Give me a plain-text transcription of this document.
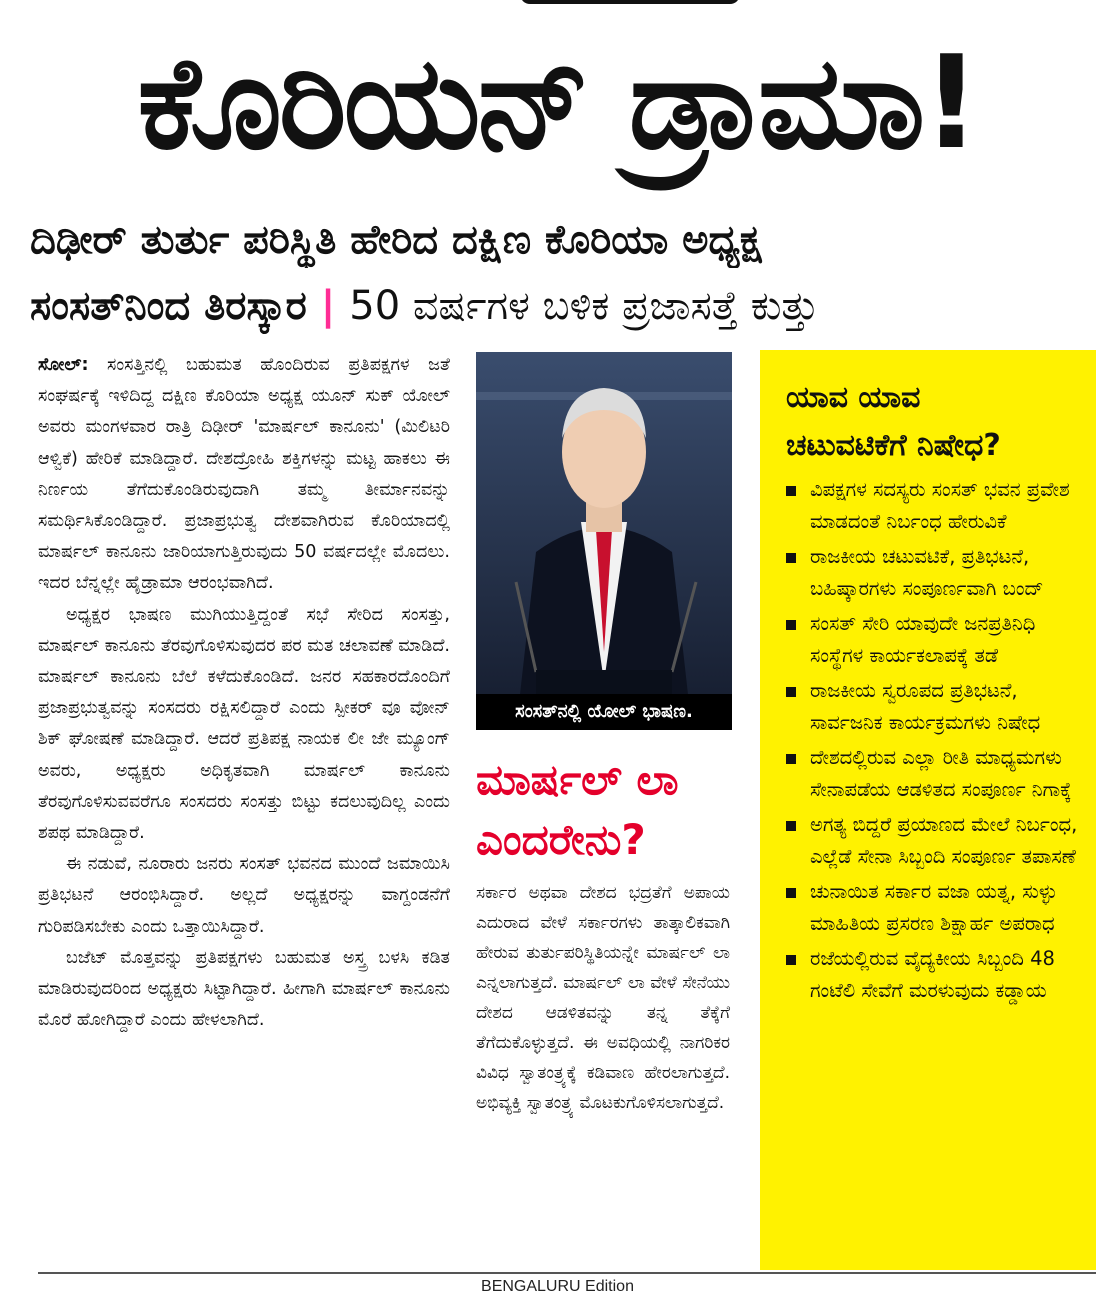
ಕೊರಿಯನ್ ಡ್ರಾಮಾ!
ದಿಢೀರ್ ತುರ್ತು ಪರಿಸ್ಥಿತಿ ಹೇರಿದ ದಕ್ಷಿಣ ಕೊರಿಯಾ ಅಧ್ಯಕ್ಷ
ಸಂಸತ್‌ನಿಂದ ತಿರಸ್ಕಾರ | 50 ವರ್ಷಗಳ ಬಳಿಕ ಪ್ರಜಾಸತ್ತೆ ಕುತ್ತು

ಸೋಲ್: ಸಂಸತ್ತಿನಲ್ಲಿ ಬಹುಮತ ಹೊಂದಿರುವ ಪ್ರತಿಪಕ್ಷಗಳ ಜತೆ ಸಂಘರ್ಷಕ್ಕೆ ಇಳಿದಿದ್ದ ದಕ್ಷಿಣ ಕೊರಿಯಾ ಅಧ್ಯಕ್ಷ ಯೂನ್ ಸುಕ್ ಯೋಲ್ ಅವರು ಮಂಗಳವಾರ ರಾತ್ರಿ ದಿಢೀರ್ 'ಮಾರ್ಷಲ್ ಕಾನೂನು' (ಮಿಲಿಟರಿ ಆಳ್ವಿಕೆ) ಹೇರಿಕೆ ಮಾಡಿದ್ದಾರೆ. ದೇಶದ್ರೋಹಿ ಶಕ್ತಿಗಳನ್ನು ಮಟ್ಟ ಹಾಕಲು ಈ ನಿರ್ಣಯ ತೆಗೆದುಕೊಂಡಿರುವುದಾಗಿ ತಮ್ಮ ತೀರ್ಮಾನವನ್ನು ಸಮರ್ಥಿಸಿಕೊಂಡಿದ್ದಾರೆ. ಪ್ರಜಾಪ್ರಭುತ್ವ ದೇಶವಾಗಿರುವ ಕೊರಿಯಾದಲ್ಲಿ ಮಾರ್ಷಲ್ ಕಾನೂನು ಜಾರಿಯಾಗುತ್ತಿರುವುದು 50 ವರ್ಷದಲ್ಲೇ ಮೊದಲು. ಇದರ ಬೆನ್ನಲ್ಲೇ ಹೈಡ್ರಾಮಾ ಆರಂಭವಾಗಿದೆ.

ಅಧ್ಯಕ್ಷರ ಭಾಷಣ ಮುಗಿಯುತ್ತಿದ್ದಂತೆ ಸಭೆ ಸೇರಿದ ಸಂಸತ್ತು, ಮಾರ್ಷಲ್ ಕಾನೂನು ತೆರವುಗೊಳಿಸುವುದರ ಪರ ಮತ ಚಲಾವಣೆ ಮಾಡಿದೆ. ಮಾರ್ಷಲ್ ಕಾನೂನು ಬೆಲೆ ಕಳೆದುಕೊಂಡಿದೆ. ಜನರ ಸಹಕಾರದೊಂದಿಗೆ ಪ್ರಜಾಪ್ರಭುತ್ವವನ್ನು ಸಂಸದರು ರಕ್ಷಿಸಲಿದ್ದಾರೆ ಎಂದು ಸ್ಪೀಕರ್ ವೂ ವೋನ್ ಶಿಕ್ ಘೋಷಣೆ ಮಾಡಿದ್ದಾರೆ. ಆದರೆ ಪ್ರತಿಪಕ್ಷ ನಾಯಕ ಲೀ ಜೇ ಮ್ಯೂಂಗ್ ಅವರು, ಅಧ್ಯಕ್ಷರು ಅಧಿಕೃತವಾಗಿ ಮಾರ್ಷಲ್ ಕಾನೂನು ತೆರವುಗೊಳಿಸುವವರೆಗೂ ಸಂಸದರು ಸಂಸತ್ತು ಬಿಟ್ಟು ಕದಲುವುದಿಲ್ಲ ಎಂದು ಶಪಥ ಮಾಡಿದ್ದಾರೆ.

ಈ ನಡುವೆ, ನೂರಾರು ಜನರು ಸಂಸತ್ ಭವನದ ಮುಂದೆ ಜಮಾಯಿಸಿ ಪ್ರತಿಭಟನೆ ಆರಂಭಿಸಿದ್ದಾರೆ. ಅಲ್ಲದೆ ಅಧ್ಯಕ್ಷರನ್ನು ವಾಗ್ದಂಡನೆಗೆ ಗುರಿಪಡಿಸಬೇಕು ಎಂದು ಒತ್ತಾಯಿಸಿದ್ದಾರೆ.

ಬಜೆಟ್ ಮೊತ್ತವನ್ನು ಪ್ರತಿಪಕ್ಷಗಳು ಬಹುಮತ ಅಸ್ತ್ರ ಬಳಸಿ ಕಡಿತ ಮಾಡಿರುವುದರಿಂದ ಅಧ್ಯಕ್ಷರು ಸಿಟ್ಟಾಗಿದ್ದಾರೆ. ಹೀಗಾಗಿ ಮಾರ್ಷಲ್ ಕಾನೂನು ಮೊರೆ ಹೋಗಿದ್ದಾರೆ ಎಂದು ಹೇಳಲಾಗಿದೆ.

ಸಂಸತ್‌ನಲ್ಲಿ ಯೋಲ್ ಭಾಷಣ.
ಮಾರ್ಷಲ್ ಲಾ
ಎಂದರೇನು?

ಸರ್ಕಾರ ಅಥವಾ ದೇಶದ ಭದ್ರತೆಗೆ ಅಪಾಯ ಎದುರಾದ ವೇಳೆ ಸರ್ಕಾರಗಳು ತಾತ್ಕಾಲಿಕವಾಗಿ ಹೇರುವ ತುರ್ತುಪರಿಸ್ಥಿತಿಯನ್ನೇ ಮಾರ್ಷಲ್ ಲಾ ಎನ್ನಲಾಗುತ್ತದೆ. ಮಾರ್ಷಲ್ ಲಾ ವೇಳೆ ಸೇನೆಯು ದೇಶದ ಆಡಳಿತವನ್ನು ತನ್ನ ತೆಕ್ಕೆಗೆ ತೆಗೆದುಕೊಳ್ಳುತ್ತದೆ. ಈ ಅವಧಿಯಲ್ಲಿ ನಾಗರಿಕರ ವಿವಿಧ ಸ್ವಾತಂತ್ರ್ಯಕ್ಕೆ ಕಡಿವಾಣ ಹೇರಲಾಗುತ್ತದೆ. ಅಭಿವ್ಯಕ್ತಿ ಸ್ವಾತಂತ್ರ್ಯ ಮೊಟಕುಗೊಳಿಸಲಾಗುತ್ತದೆ.

ಯಾವ ಯಾವ
ಚಟುವಟಿಕೆಗೆ ನಿಷೇಧ?
ವಿಪಕ್ಷಗಳ ಸದಸ್ಯರು ಸಂಸತ್ ಭವನ ಪ್ರವೇಶ ಮಾಡದಂತೆ ನಿರ್ಬಂಧ ಹೇರುವಿಕೆ
ರಾಜಕೀಯ ಚಟುವಟಿಕೆ, ಪ್ರತಿಭಟನೆ, ಬಹಿಷ್ಕಾರಗಳು ಸಂಪೂರ್ಣವಾಗಿ ಬಂದ್
ಸಂಸತ್ ಸೇರಿ ಯಾವುದೇ ಜನಪ್ರತಿನಿಧಿ ಸಂಸ್ಥೆಗಳ ಕಾರ್ಯಕಲಾಪಕ್ಕೆ ತಡೆ
ರಾಜಕೀಯ ಸ್ವರೂಪದ ಪ್ರತಿಭಟನೆ, ಸಾರ್ವಜನಿಕ ಕಾರ್ಯಕ್ರಮಗಳು ನಿಷೇಧ
ದೇಶದಲ್ಲಿರುವ ಎಲ್ಲಾ ರೀತಿ ಮಾಧ್ಯಮಗಳು ಸೇನಾಪಡೆಯ ಆಡಳಿತದ ಸಂಪೂರ್ಣ ನಿಗಾಕ್ಕೆ
ಅಗತ್ಯ ಬಿದ್ದರೆ ಪ್ರಯಾಣದ ಮೇಲೆ ನಿರ್ಬಂಧ, ಎಲ್ಲೆಡೆ ಸೇನಾ ಸಿಬ್ಬಂದಿ ಸಂಪೂರ್ಣ ತಪಾಸಣೆ
ಚುನಾಯಿತ ಸರ್ಕಾರ ವಜಾ ಯತ್ನ, ಸುಳ್ಳು ಮಾಹಿತಿಯ ಪ್ರಸರಣ ಶಿಕ್ಷಾರ್ಹ ಅಪರಾಧ
ರಜೆಯಲ್ಲಿರುವ ವೈದ್ಯಕೀಯ ಸಿಬ್ಬಂದಿ 48 ಗಂಟೆಲಿ ಸೇವೆಗೆ ಮರಳುವುದು ಕಡ್ಡಾಯ
BENGALURU Edition
